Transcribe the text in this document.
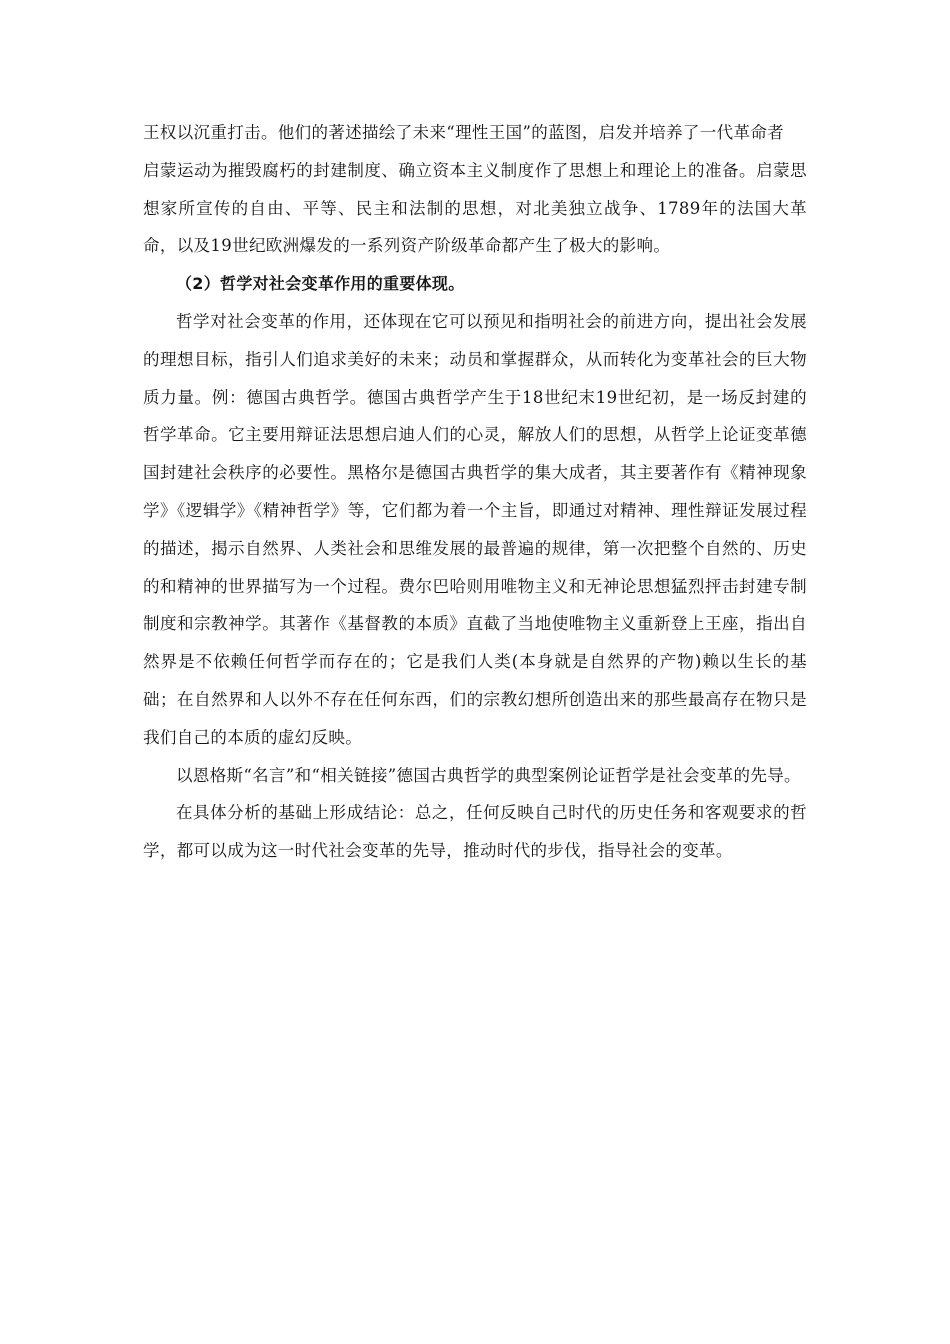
王权以沉重打击。他们的著述描绘了未来“理性王国”的蓝图，启发并培养了一代革命者

启蒙运动为摧毁腐朽的封建制度、确立资本主义制度作了思想上和理论上的准备。启蒙思想家所宣传的自由、平等、民主和法制的思想，对北美独立战争、1789年的法国大革命，以及19世纪欧洲爆发的一系列资产阶级革命都产生了极大的影响。

（2）哲学对社会变革作用的重要体现。

哲学对社会变革的作用，还体现在它可以预见和指明社会的前进方向，提出社会发展的理想目标，指引人们追求美好的未来；动员和掌握群众，从而转化为变革社会的巨大物质力量。例：德国古典哲学。德国古典哲学产生于18世纪末19世纪初，是一场反封建的哲学革命。它主要用辩证法思想启迪人们的心灵，解放人们的思想，从哲学上论证变革德国封建社会秩序的必要性。黑格尔是德国古典哲学的集大成者，其主要著作有《精神现象学》《逻辑学》《精神哲学》等，它们都为着一个主旨，即通过对精神、理性辩证发展过程的描述，揭示自然界、人类社会和思维发展的最普遍的规律，第一次把整个自然的、历史的和精神的世界描写为一个过程。费尔巴哈则用唯物主义和无神论思想猛烈抨击封建专制制度和宗教神学。其著作《基督教的本质》直截了当地使唯物主义重新登上王座，指出自然界是不依赖任何哲学而存在的；它是我们人类(本身就是自然界的产物)赖以生长的基础；在自然界和人以外不存在任何东西，们的宗教幻想所创造出来的那些最高存在物只是我们自己的本质的虚幻反映。

以恩格斯“名言”和“相关链接”德国古典哲学的典型案例论证哲学是社会变革的先导。

在具体分析的基础上形成结论：总之，任何反映自己时代的历史任务和客观要求的哲学，都可以成为这一时代社会变革的先导，推动时代的步伐，指导社会的变革。
